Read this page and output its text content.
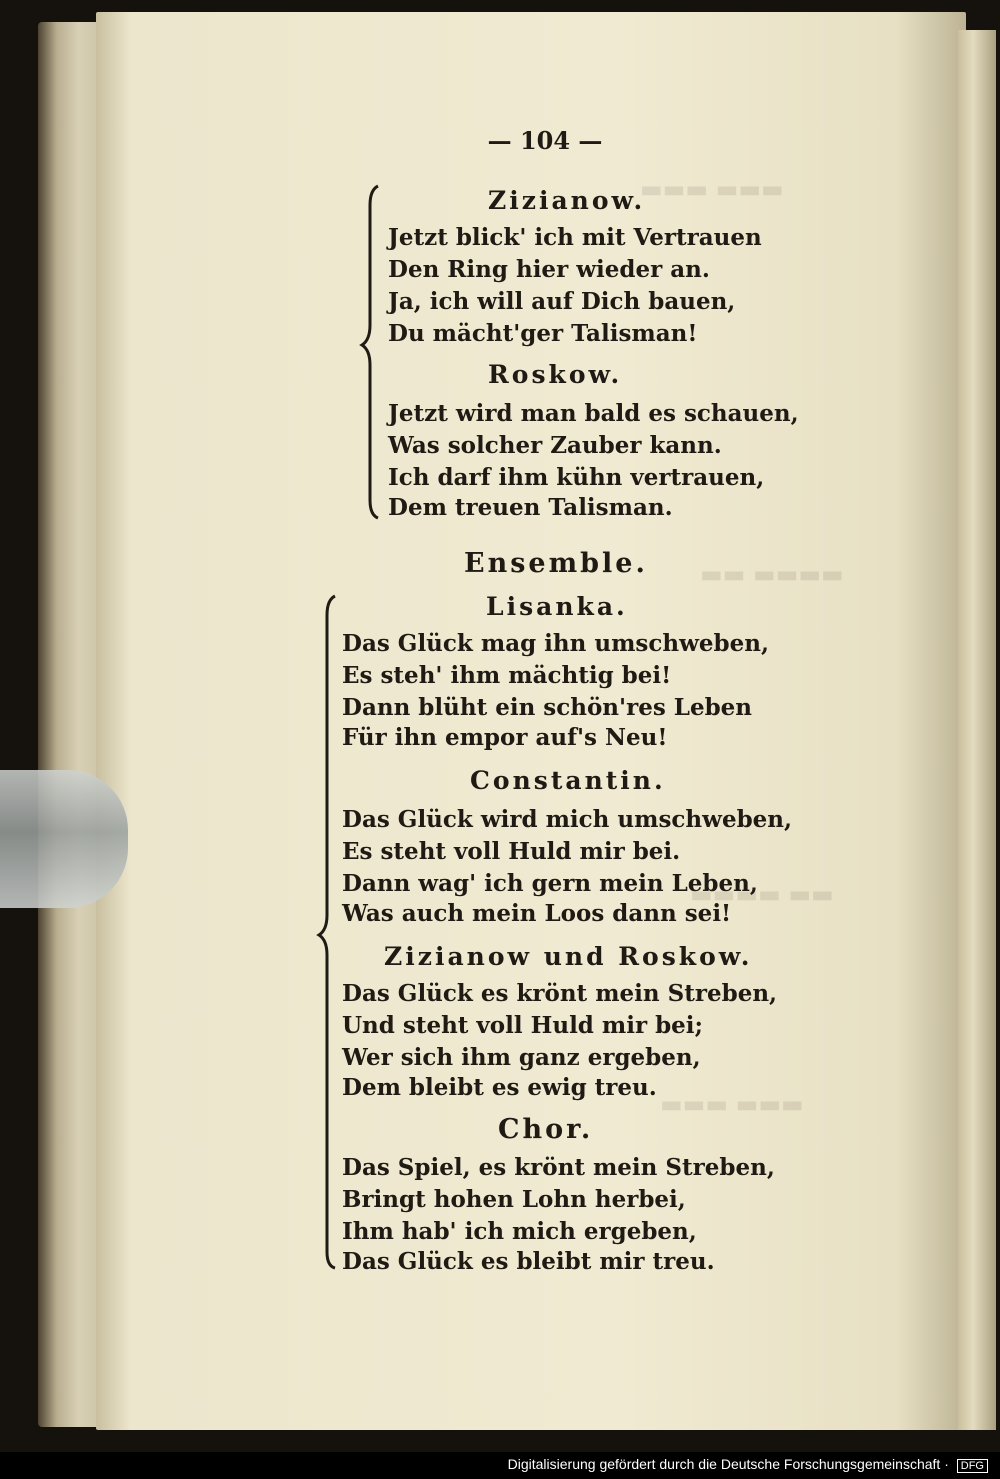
▬▬▬ ▬▬▬
▬▬ ▬▬▬▬
▬▬▬▬ ▬▬
▬▬▬ ▬▬▬
— 104 —
Zizianow.
Jetzt blick' ich mit Vertrauen
Den Ring hier wieder an.
Ja, ich will auf Dich bauen,
Du mächt'ger Talisman!
Roskow.
Jetzt wird man bald es schauen,
Was solcher Zauber kann.
Ich darf ihm kühn vertrauen,
Dem treuen Talisman.
Ensemble.
Lisanka.
Das Glück mag ihn umschweben,
Es steh' ihm mächtig bei!
Dann blüht ein schön'res Leben
Für ihn empor auf's Neu!
Constantin.
Das Glück wird mich umschweben,
Es steht voll Huld mir bei.
Dann wag' ich gern mein Leben,
Was auch mein Loos dann sei!
Zizianow und Roskow.
Das Glück es krönt mein Streben,
Und steht voll Huld mir bei;
Wer sich ihm ganz ergeben,
Dem bleibt es ewig treu.
Chor.
Das Spiel, es krönt mein Streben,
Bringt hohen Lohn herbei,
Ihm hab' ich mich ergeben,
Das Glück es bleibt mir treu.
Digitalisierung gefördert durch die Deutsche Forschungsgemeinschaft · DFG
